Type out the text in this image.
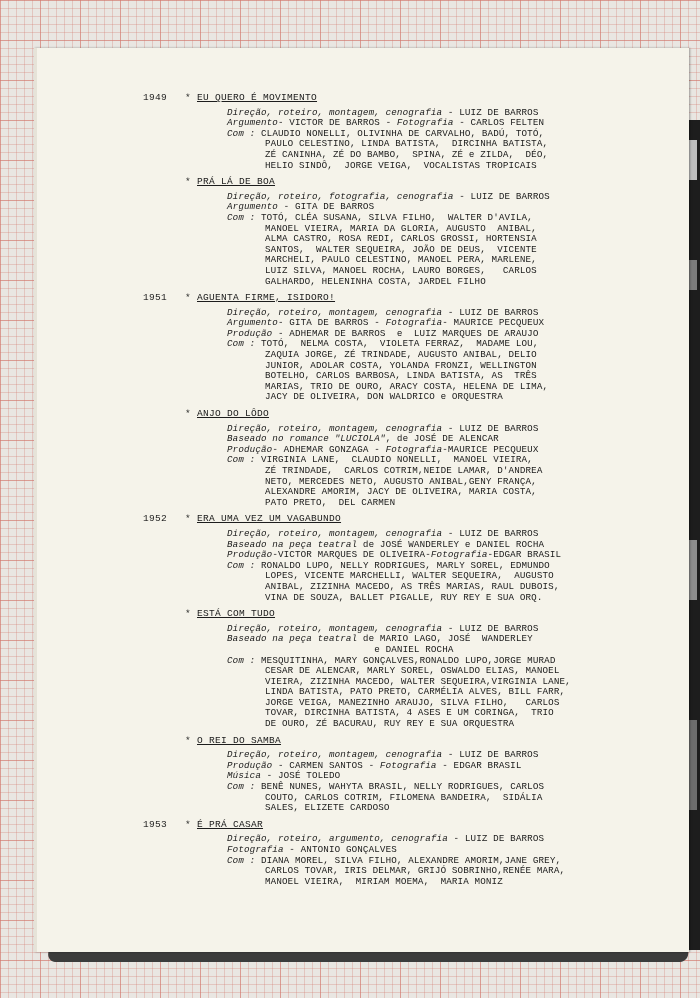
1949 * EU QUERO É MOVIMENTO
Direção, roteiro, montagem, cenografia - LUIZ DE BARROS
Argumento- VICTOR DE BARROS - Fotografia - CARLOS FELTEN
Com : CLAUDIO NONELLI, OLIVINHA DE CARVALHO, BADÚ, TOTÓ,
PAULO CELESTINO, LINDA BATISTA,  DIRCINHA BATISTA,
ZÉ CANINHA, ZÉ DO BAMBO,  SPINA, ZÉ e ZILDA,  DÉO,
HELIO SINDÔ,  JORGE VEIGA,  VOCALISTAS TROPICAIS
* PRÁ LÁ DE BOA
Direção, roteiro, fotografia, cenografia - LUIZ DE BARROS
Argumento - GITA DE BARROS
Com : TOTÓ, CLÉA SUSANA, SILVA FILHO,  WALTER D'AVILA,
MANOEL VIEIRA, MARIA DA GLORIA, AUGUSTO  ANIBAL,
ALMA CASTRO, ROSA REDI, CARLOS GROSSI, HORTENSIA
SANTOS,  WALTER SEQUEIRA, JOÃO DE DEUS,  VICENTE
MARCHELI, PAULO CELESTINO, MANOEL PERA, MARLENE,
LUIZ SILVA, MANOEL ROCHA, LAURO BORGES,   CARLOS
GALHARDO, HELENINHA COSTA, JARDEL FILHO
1951 * AGUENTA FIRME, ISIDORO!
Direção, roteiro, montagem, cenografia - LUIZ DE BARROS
Argumento- GITA DE BARROS - Fotografia- MAURICE PECQUEUX
Produção - ADHEMAR DE BARROS  e  LUIZ MARQUES DE ARAUJO
Com : TOTÓ,  NELMA COSTA,  VIOLETA FERRAZ,  MADAME LOU,
ZAQUIA JORGE, ZÉ TRINDADE, AUGUSTO ANIBAL, DELIO
JUNIOR, ADOLAR COSTA, YOLANDA FRONZI, WELLINGTON
BOTELHO, CARLOS BARBOSA, LINDA BATISTA, AS  TRÊS
MARIAS, TRIO DE OURO, ARACY COSTA, HELENA DE LIMA,
JACY DE OLIVEIRA, DON WALDRICO e ORQUESTRA
* ANJO DO LÔDO
Direção, roteiro, montagem, cenografia - LUIZ DE BARROS
Baseado no romance "LUCIOLA", de JOSÉ DE ALENCAR
Produção- ADHEMAR GONZAGA - Fotografia-MAURICE PECQUEUX
Com : VIRGINIA LANE,  CLAUDIO NONELLI,  MANOEL VIEIRA,
ZÉ TRINDADE,  CARLOS COTRIM,NEIDE LAMAR, D'ANDREA
NETO, MERCEDES NETO, AUGUSTO ANIBAL,GENY FRANÇA,
ALEXANDRE AMORIM, JACY DE OLIVEIRA, MARIA COSTA,
PATO PRETO,  DEL CARMEN
1952 * ERA UMA VEZ UM VAGABUNDO
Direção, roteiro, montagem, cenografia - LUIZ DE BARROS
Baseado na peça teatral de JOSÉ WANDERLEY e DANIEL ROCHA
Produção-VICTOR MARQUES DE OLIVEIRA-Fotografia-EDGAR BRASIL
Com : RONALDO LUPO, NELLY RODRIGUES, MARLY SOREL, EDMUNDO
LOPES, VICENTE MARCHELLI, WALTER SEQUEIRA,  AUGUSTO
ANIBAL, ZIZINHA MACEDO, AS TRÊS MARIAS, RAUL DUBOIS,
VINA DE SOUZA, BALLET PIGALLE, RUY REY E SUA ORQ.
* ESTÁ COM TUDO
Direção, roteiro, montagem, cenografia - LUIZ DE BARROS
Baseado na peça teatral de MARIO LAGO, JOSÉ  WANDERLEY
e DANIEL ROCHA
Com : MESQUITINHA, MARY GONÇALVES,RONALDO LUPO,JORGE MURAD
CESAR DE ALENCAR, MARLY SOREL, OSWALDO ELIAS, MANOEL
VIEIRA, ZIZINHA MACEDO, WALTER SEQUEIRA,VIRGINIA LANE,
LINDA BATISTA, PATO PRETO, CARMÉLIA ALVES, BILL FARR,
JORGE VEIGA, MANEZINHO ARAUJO, SILVA FILHO,   CARLOS
TOVAR, DIRCINHA BATISTA, 4 ASES E UM CORINGA,  TRIO
DE OURO, ZÉ BACURAU, RUY REY E SUA ORQUESTRA
* O REI DO SAMBA
Direção, roteiro, montagem, cenografia - LUIZ DE BARROS
Produção - CARMEN SANTOS - Fotografia - EDGAR BRASIL
Música - JOSÉ TOLEDO
Com : BENÊ NUNES, WAHYTA BRASIL, NELLY RODRIGUES, CARLOS
COUTO, CARLOS COTRIM, FILOMENA BANDEIRA,  SIDÁLIA
SALES, ELIZETE CARDOSO
1953 * É PRÁ CASAR
Direção, roteiro, argumento, cenografia - LUIZ DE BARROS
Fotografia - ANTONIO GONÇALVES
Com : DIANA MOREL, SILVA FILHO, ALEXANDRE AMORIM,JANE GREY,
CARLOS TOVAR, IRIS DELMAR, GRIJÓ SOBRINHO,RENÉE MARA,
MANOEL VIEIRA,  MIRIAM MOEMA,  MARIA MONIZ
